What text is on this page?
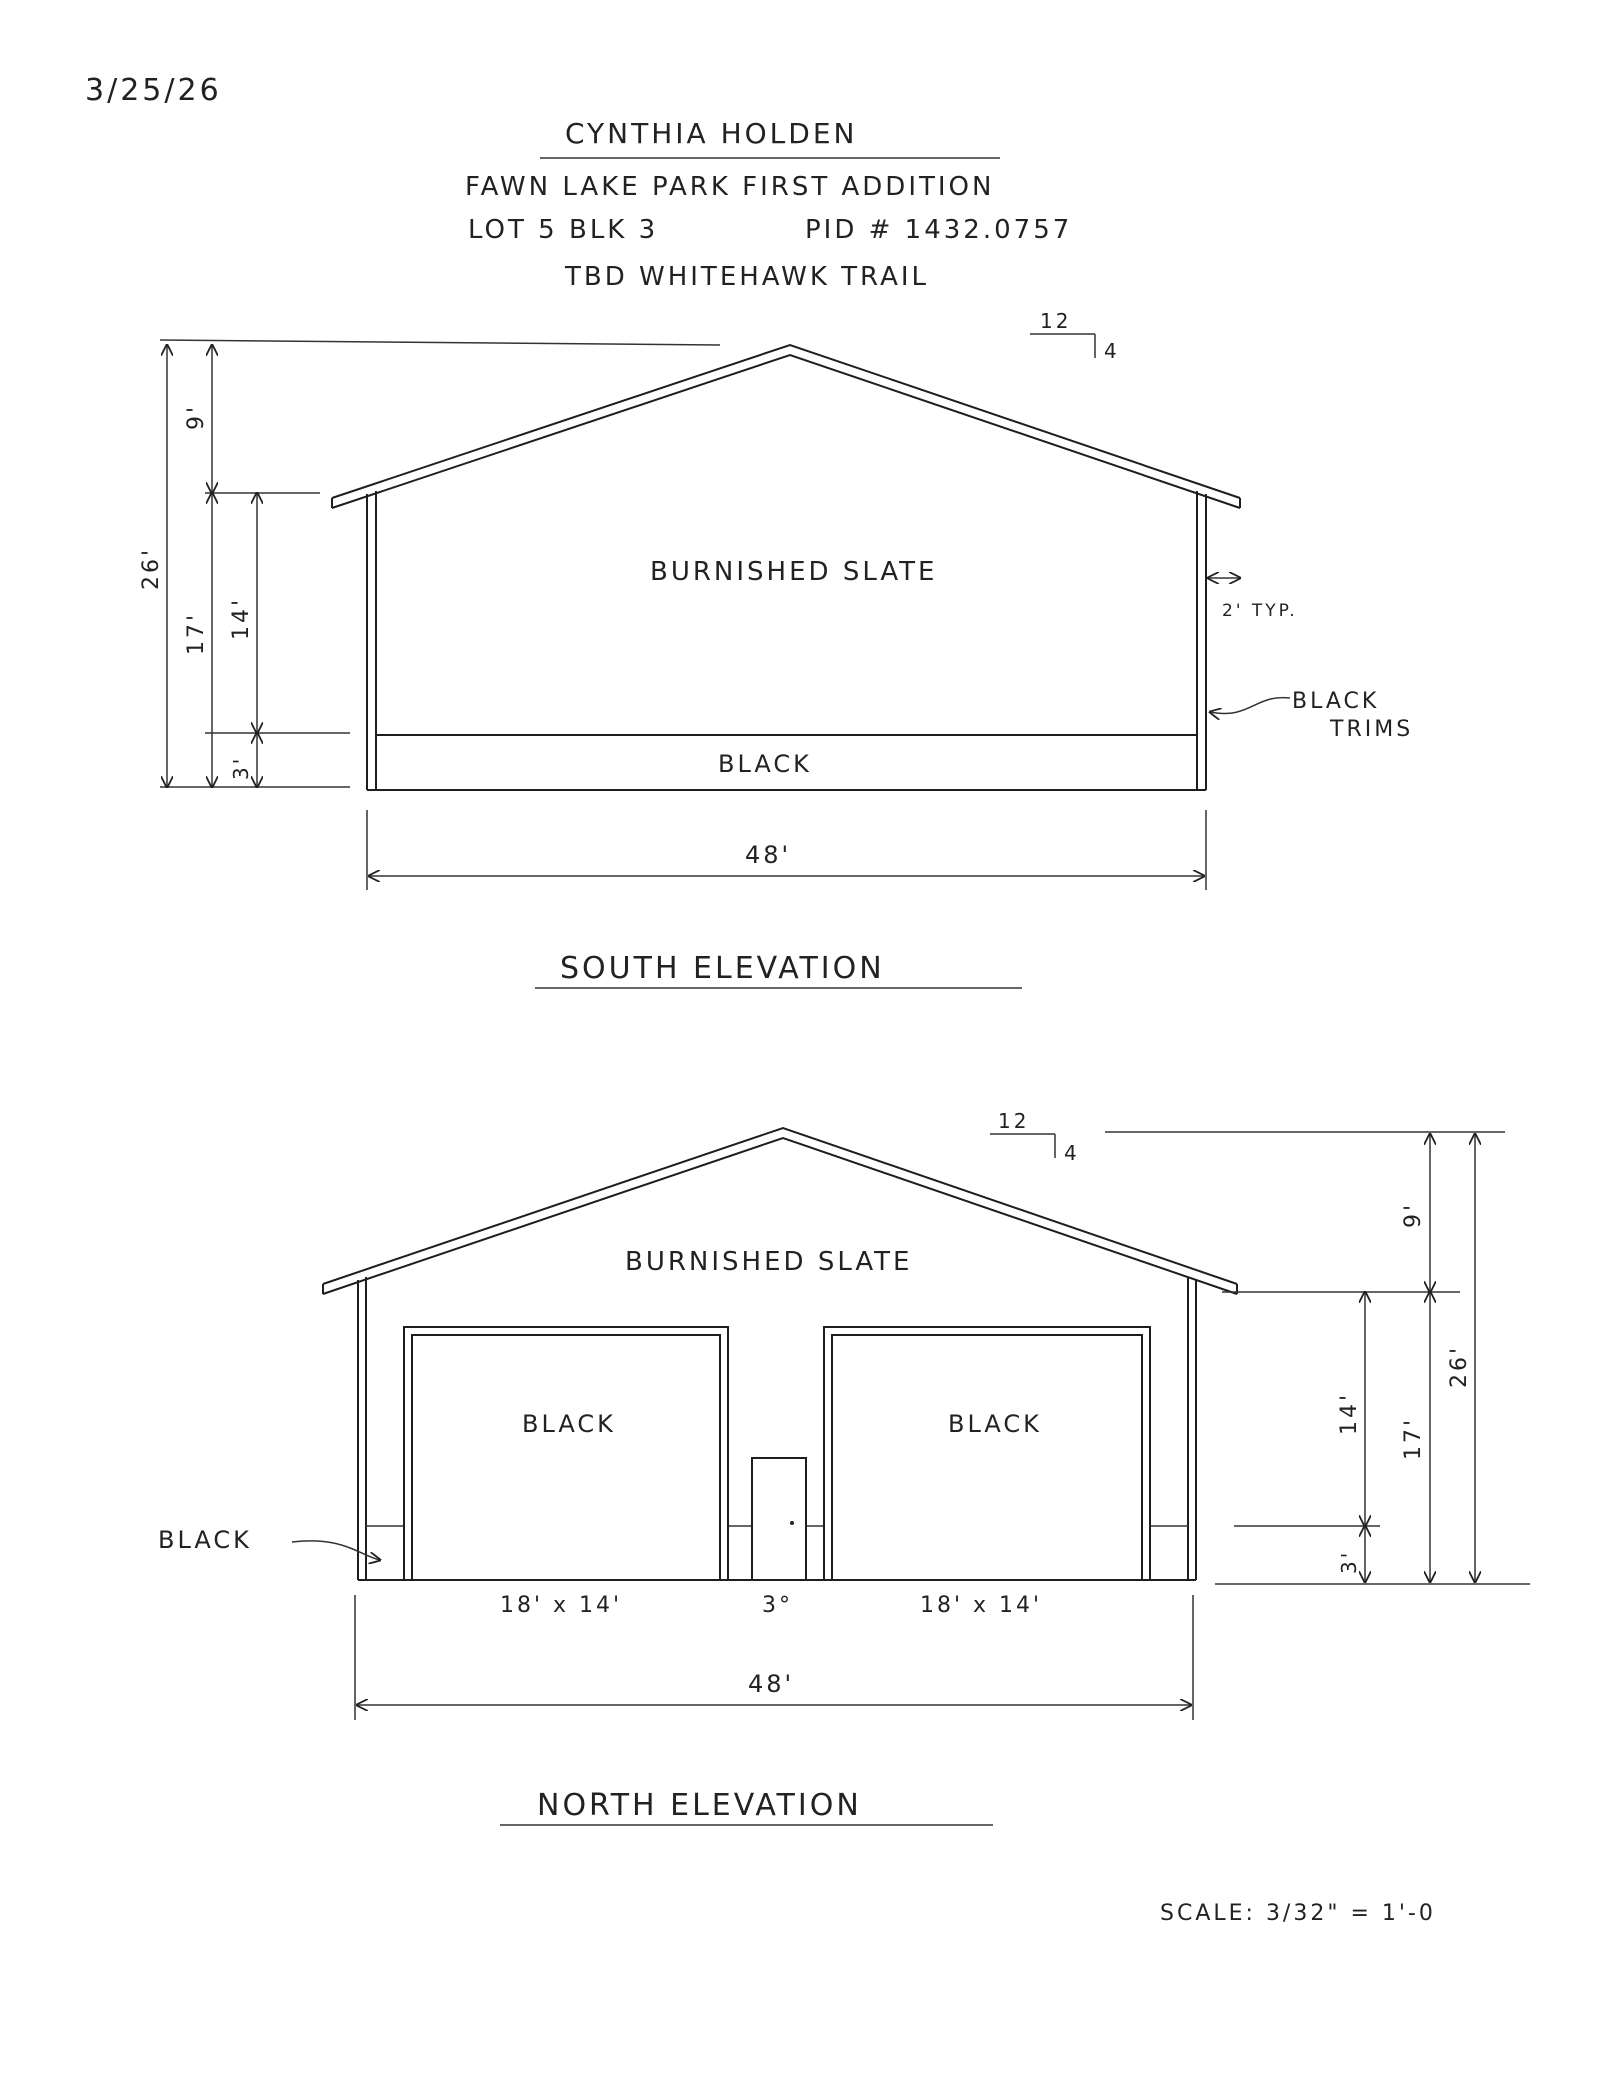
3/25/26
CYNTHIA HOLDEN
FAWN LAKE PARK FIRST ADDITION
LOT 5 BLK 3	PID # 1432.0757
TBD WHITEHAWK TRAIL
12
4
BURNISHED SLATE
BLACK
2' TYP.
BLACK
TRIMS
26'
9'
17' 14'
3'
48'
SOUTH ELEVATION
12
4
BURNISHED SLATE
BLACK	BLACK
BLACK
18' x 14'	3°	18' x 14'
48'
9'
26'
17'
14'
3'
NORTH ELEVATION
SCALE: 3/32" = 1'-0
